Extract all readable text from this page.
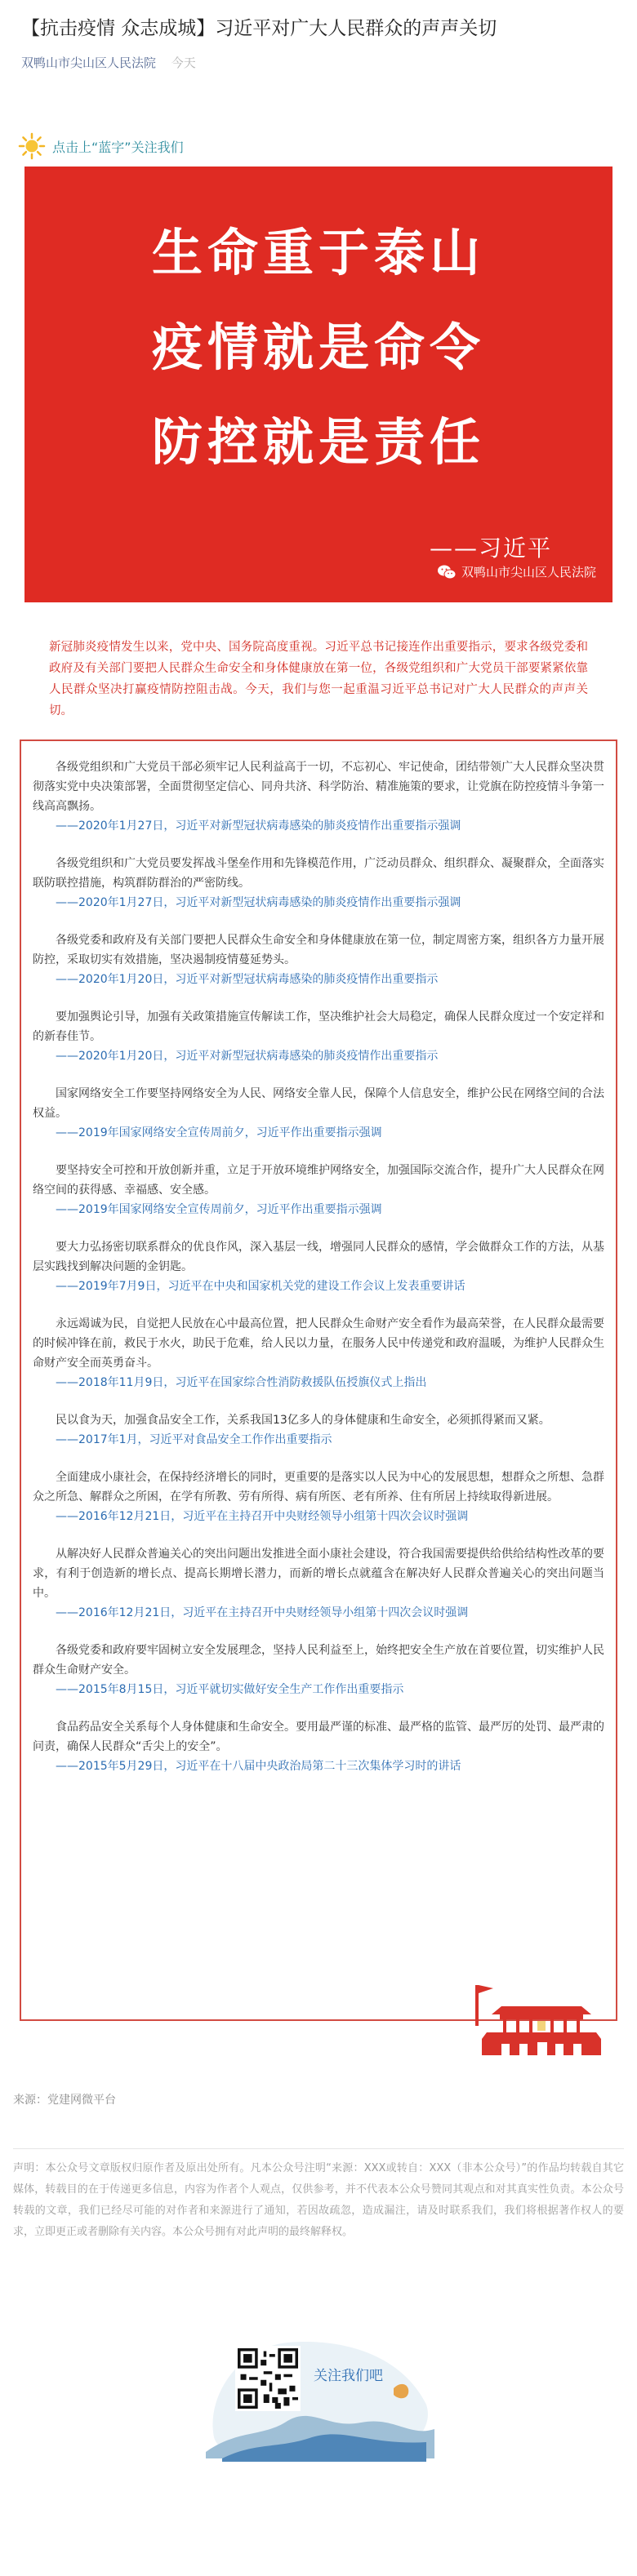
【抗击疫情 众志成城】习近平对广大人民群众的声声关切
双鸭山市尖山区人民法院 今天
点击上“蓝字”关注我们
生命重于泰山
疫情就是命令
防控就是责任
——习近平
双鸭山市尖山区人民法院
新冠肺炎疫情发生以来，党中央、国务院高度重视。习近平总书记接连作出重要指示，要求各级党委和政府及有关部门要把人民群众生命安全和身体健康放在第一位，各级党组织和广大党员干部要紧紧依靠人民群众坚决打赢疫情防控阻击战。今天，我们与您一起重温习近平总书记对广大人民群众的声声关切。
各级党组织和广大党员干部必须牢记人民利益高于一切，不忘初心、牢记使命，团结带领广大人民群众坚决贯彻落实党中央决策部署，全面贯彻坚定信心、同舟共济、科学防治、精准施策的要求，让党旗在防控疫情斗争第一线高高飘扬。
——2020年1月27日，习近平对新型冠状病毒感染的肺炎疫情作出重要指示强调
各级党组织和广大党员要发挥战斗堡垒作用和先锋模范作用，广泛动员群众、组织群众、凝聚群众，全面落实联防联控措施，构筑群防群治的严密防线。
——2020年1月27日，习近平对新型冠状病毒感染的肺炎疫情作出重要指示强调
各级党委和政府及有关部门要把人民群众生命安全和身体健康放在第一位，制定周密方案，组织各方力量开展防控，采取切实有效措施，坚决遏制疫情蔓延势头。
——2020年1月20日，习近平对新型冠状病毒感染的肺炎疫情作出重要指示
要加强舆论引导，加强有关政策措施宣传解读工作，坚决维护社会大局稳定，确保人民群众度过一个安定祥和的新春佳节。
——2020年1月20日，习近平对新型冠状病毒感染的肺炎疫情作出重要指示
国家网络安全工作要坚持网络安全为人民、网络安全靠人民，保障个人信息安全，维护公民在网络空间的合法权益。
——2019年国家网络安全宣传周前夕，习近平作出重要指示强调
要坚持安全可控和开放创新并重，立足于开放环境维护网络安全，加强国际交流合作，提升广大人民群众在网络空间的获得感、幸福感、安全感。
——2019年国家网络安全宣传周前夕，习近平作出重要指示强调
要大力弘扬密切联系群众的优良作风，深入基层一线，增强同人民群众的感情，学会做群众工作的方法，从基层实践找到解决问题的金钥匙。
——2019年7月9日，习近平在中央和国家机关党的建设工作会议上发表重要讲话
永远竭诚为民，自觉把人民放在心中最高位置，把人民群众生命财产安全看作为最高荣誉，在人民群众最需要的时候冲锋在前，救民于水火，助民于危难，给人民以力量，在服务人民中传递党和政府温暖，为维护人民群众生命财产安全而英勇奋斗。
——2018年11月9日，习近平在国家综合性消防救援队伍授旗仪式上指出
民以食为天，加强食品安全工作，关系我国13亿多人的身体健康和生命安全，必须抓得紧而又紧。
——2017年1月，习近平对食品安全工作作出重要指示
全面建成小康社会，在保持经济增长的同时，更重要的是落实以人民为中心的发展思想，想群众之所想、急群众之所急、解群众之所困，在学有所教、劳有所得、病有所医、老有所养、住有所居上持续取得新进展。
——2016年12月21日，习近平在主持召开中央财经领导小组第十四次会议时强调
从解决好人民群众普遍关心的突出问题出发推进全面小康社会建设，符合我国需要提供给供给结构性改革的要求，有利于创造新的增长点、提高长期增长潜力，而新的增长点就蕴含在解决好人民群众普遍关心的突出问题当中。
——2016年12月21日，习近平在主持召开中央财经领导小组第十四次会议时强调
各级党委和政府要牢固树立安全发展理念，坚持人民利益至上，始终把安全生产放在首要位置，切实维护人民群众生命财产安全。
——2015年8月15日，习近平就切实做好安全生产工作作出重要指示
食品药品安全关系每个人身体健康和生命安全。要用最严谨的标准、最严格的监管、最严厉的处罚、最严肃的问责，确保人民群众“舌尖上的安全”。
——2015年5月29日，习近平在十八届中央政治局第二十三次集体学习时的讲话
来源：党建网微平台
声明：本公众号文章版权归原作者及原出处所有。凡本公众号注明“来源：XXX或转自：XXX（非本公众号）”的作品均转载自其它媒体，转载目的在于传递更多信息，内容为作者个人观点，仅供参考，并不代表本公众号赞同其观点和对其真实性负责。本公众号转载的文章，我们已经尽可能的对作者和来源进行了通知，若因故疏忽，造成漏注，请及时联系我们，我们将根据著作权人的要求，立即更正或者删除有关内容。本公众号拥有对此声明的最终解释权。
关注我们吧
